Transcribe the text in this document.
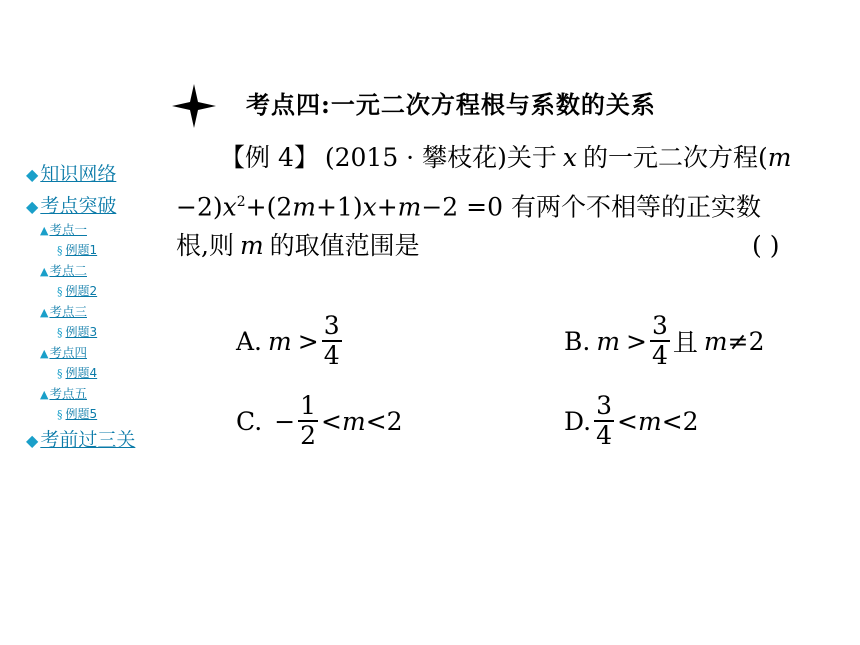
◆ 知识网络
◆ 考点突破
▲考点一
§ 例题1
▲考点二
§ 例题2
▲考点三
§ 例题3
▲考点四
§ 例题4
▲考点五
§ 例题5
◆ 考前过三关
考点四:一元二次方程根与系数的关系
【例 4】 (2015 · 攀枝花)关于 x 的一元二次方程(m
$-2)x^2+(2m+1)x+m-2 =0$ 有两个不相等的正实数
根,则 m 的取值范围是	( )
A. $m > \frac{3}{4}$	B. $m > \frac{3}{4}$ 且 m ≠2
C. − $\frac{1}{2} < m <2$	D. $\frac{3}{4} < m <2$
